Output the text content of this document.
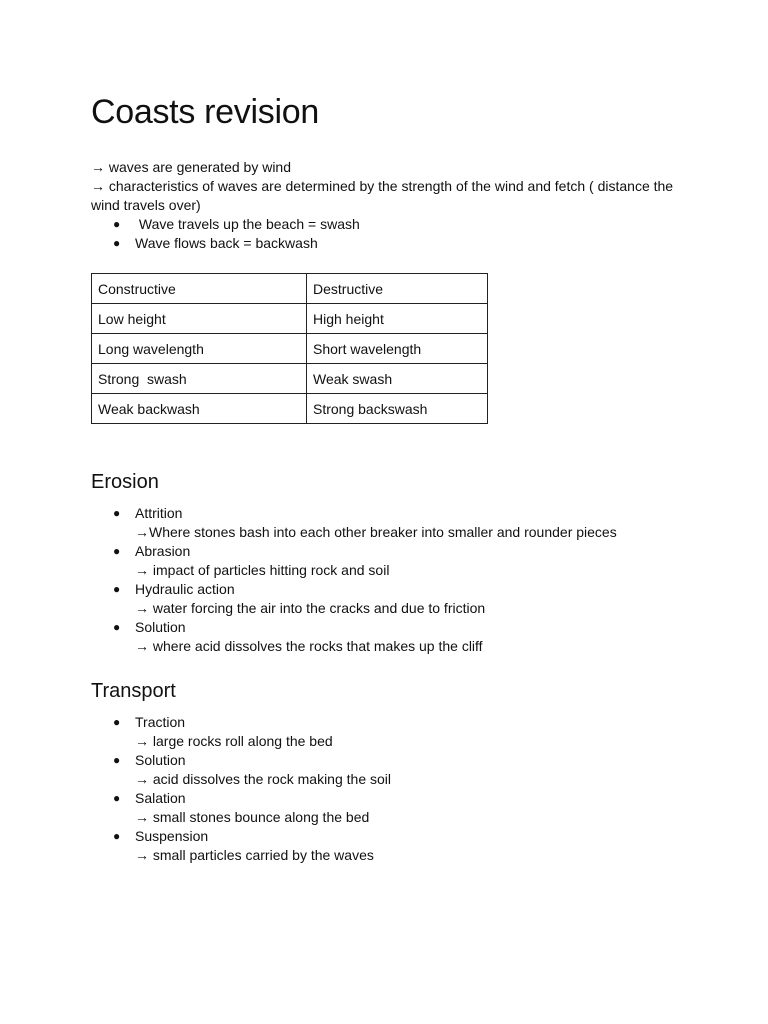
Coasts revision

→ waves are generated by wind

→ characteristics of waves are determined by the strength of the wind and fetch ( distance the wind travels over)

● Wave travels up the beach = swash
● Wave flows back = backwash
Constructive	Destructive
Low height	High height
Long wavelength	Short wavelength
Strong  swash	Weak swash
Weak backwash	Strong backswash
Erosion
● Attrition
→Where stones bash into each other breaker into smaller and rounder pieces
● Abrasion
→ impact of particles hitting rock and soil
● Hydraulic action
→ water forcing the air into the cracks and due to friction
● Solution
→ where acid dissolves the rocks that makes up the cliff
Transport
● Traction
→ large rocks roll along the bed
● Solution
→ acid dissolves the rock making the soil
● Salation
→ small stones bounce along the bed
● Suspension
→ small particles carried by the waves
